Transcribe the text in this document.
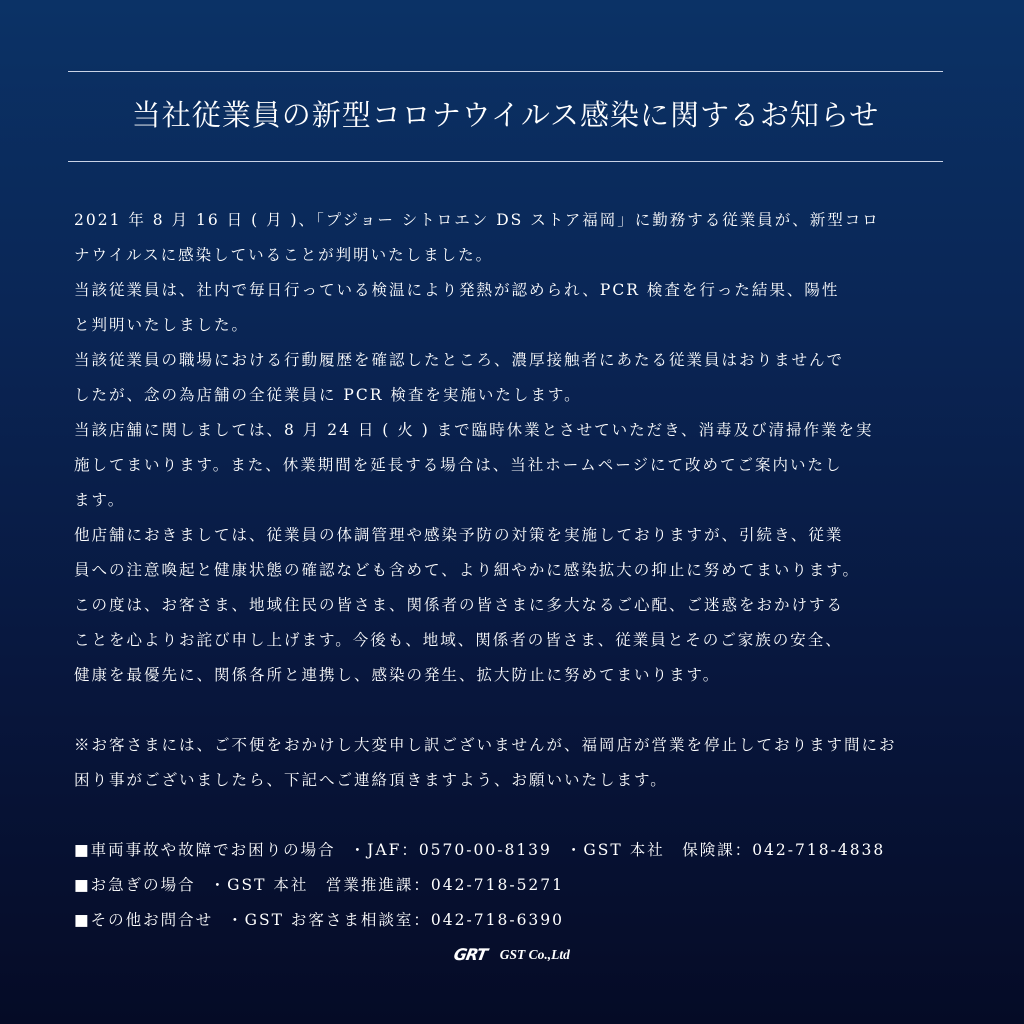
当社従業員の新型コロナウイルス感染に関するお知らせ
2021 年 8 月 16 日 ( 月 )、「プジョー シトロエン DS ストア福岡」に勤務する従業員が、新型コロ
ナウイルスに感染していることが判明いたしました。
当該従業員は、社内で毎日行っている検温により発熱が認められ、PCR 検査を行った結果、陽性
と判明いたしました。
当該従業員の職場における行動履歴を確認したところ、濃厚接触者にあたる従業員はおりませんで
したが、念の為店舗の全従業員に PCR 検査を実施いたします。
当該店舗に関しましては、8 月 24 日 ( 火 ) まで臨時休業とさせていただき、消毒及び清掃作業を実
施してまいります。また、休業期間を延長する場合は、当社ホームページにて改めてご案内いたし
ます。
他店舗におきましては、従業員の体調管理や感染予防の対策を実施しておりますが、引続き、従業
員への注意喚起と健康状態の確認なども含めて、より細やかに感染拡大の抑止に努めてまいります。
この度は、お客さま、地域住民の皆さま、関係者の皆さまに多大なるご心配、ご迷惑をおかけする
ことを心よりお詫び申し上げます。今後も、地域、関係者の皆さま、従業員とそのご家族の安全、
健康を最優先に、関係各所と連携し、感染の発生、拡大防止に努めてまいります。
※お客さまには、ご不便をおかけし大変申し訳ございませんが、福岡店が営業を停止しております間にお
困り事がございましたら、下記へご連絡頂きますよう、お願いいたします。
■車両事故や故障でお困りの場合 ・JAF：0570-00-8139 ・GST 本社　保険課：042-718-4838
■お急ぎの場合 ・GST 本社　営業推進課：042-718-5271
■その他お問合せ ・GST お客さま相談室：042-718-6390
GRT GST Co.,Ltd
